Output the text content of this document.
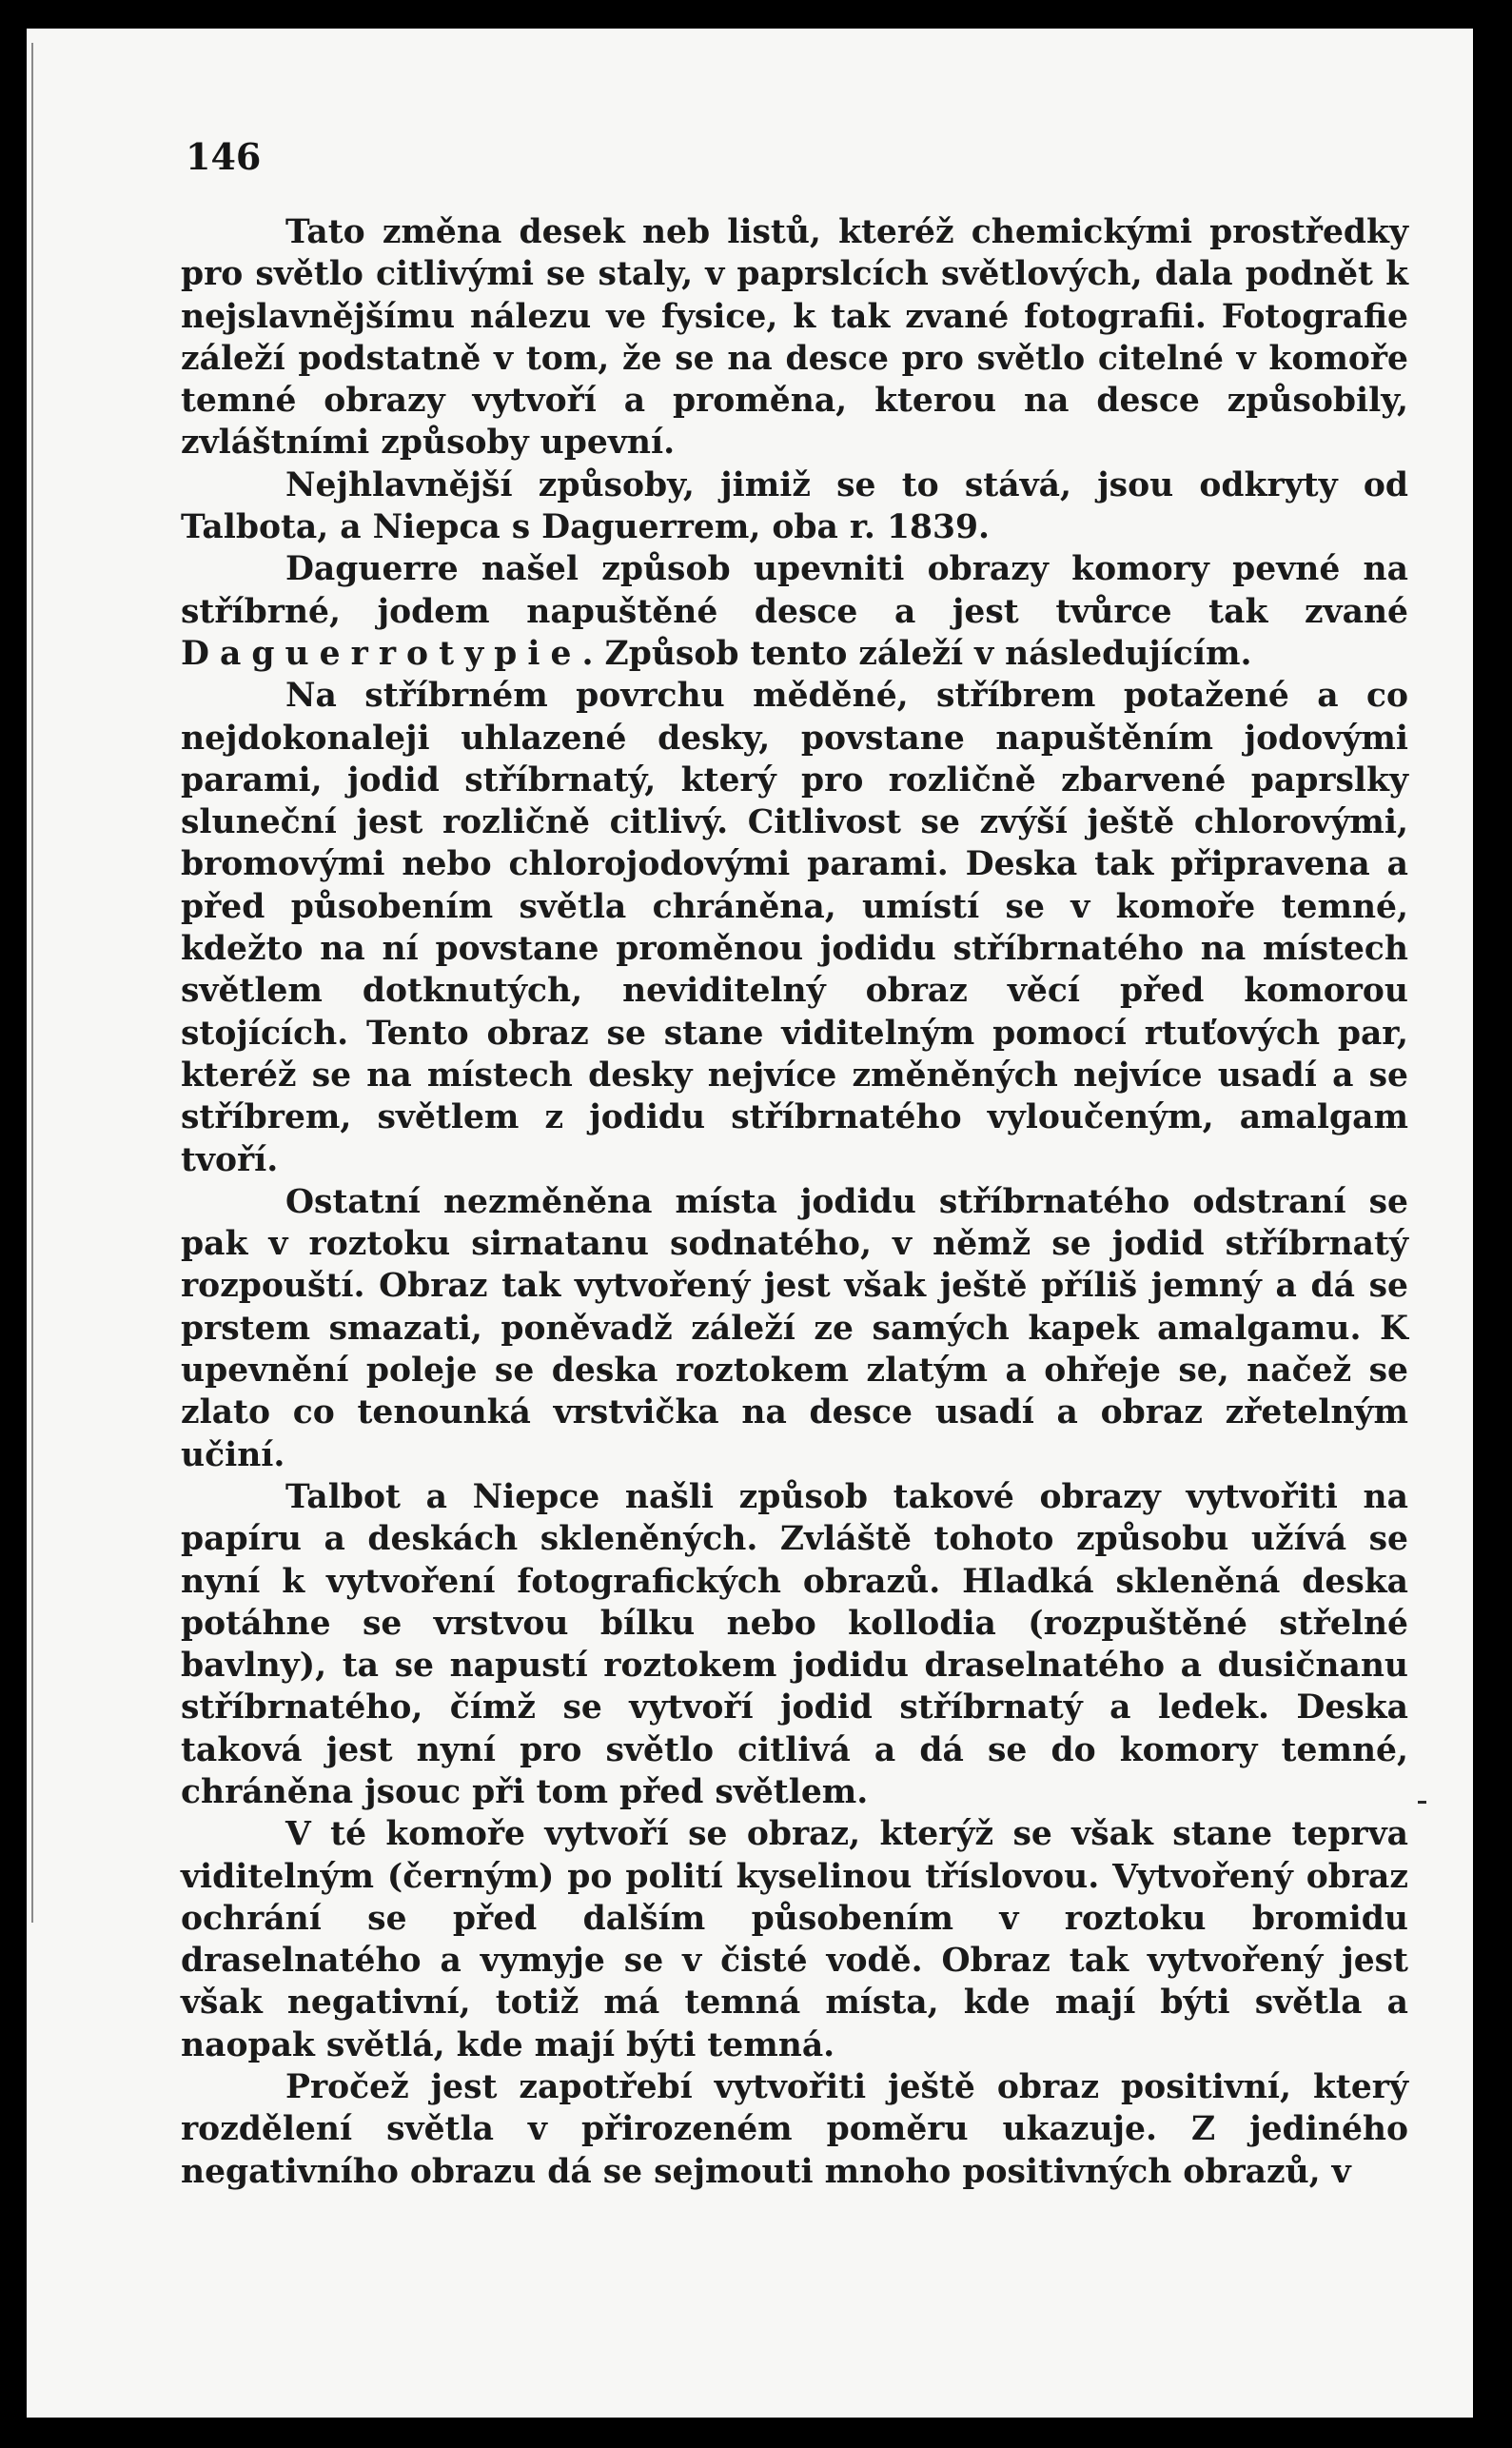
146

Tato změna desek neb listů, kteréž chemickými prostředky pro světlo citlivými se staly, v paprslcích světlových, dala podnět k nejslavnějšímu nálezu ve fysice, k tak zvané fotografii. Fotografie záleží podstatně v tom, že se na desce pro světlo citelné v komoře temné obrazy vytvoří a proměna, kterou na desce způsobily, zvláštními způsoby upevní.

Nejhlavnější způsoby, jimiž se to stává, jsou odkryty od Talbota, a Niepca s Daguerrem, oba r. 1839.

Daguerre našel způsob upevniti obrazy komory pevné na stříbrné, jodem napuštěné desce a jest tvůrce tak zvané Daguerrotypie. Způsob tento záleží v následujícím.

Na stříbrném povrchu měděné, stříbrem potažené a co nejdokonaleji uhlazené desky, povstane napuštěním jodovými parami, jodid stříbrnatý, který pro rozličně zbarvené paprslky sluneční jest rozličně citlivý. Citlivost se zvýší ještě chlorovými, bromovými nebo chlorojodovými parami. Deska tak připravena a před působením světla chráněna, umístí se v komoře temné, kdežto na ní povstane proměnou jodidu stříbrnatého na místech světlem dotknutých, neviditelný obraz věcí před komorou stojících. Tento obraz se stane viditelným pomocí rtuťových par, kteréž se na místech desky nejvíce změněných nejvíce usadí a se stříbrem, světlem z jodidu stříbrnatého vyloučeným, amalgam tvoří.

Ostatní nezměněna místa jodidu stříbrnatého odstraní se pak v roztoku sirnatanu sodnatého, v němž se jodid stříbrnatý rozpouští. Obraz tak vytvořený jest však ještě příliš jemný a dá se prstem smazati, poněvadž záleží ze samých kapek amalgamu. K upevnění poleje se deska roztokem zlatým a ohřeje se, načež se zlato co tenounká vrstvička na desce usadí a obraz zřetelným učiní.

Talbot a Niepce našli způsob takové obrazy vytvořiti na papíru a deskách skleněných. Zvláště tohoto způsobu užívá se nyní k vytvoření fotografických obrazů. Hladká skleněná deska potáhne se vrstvou bílku nebo kollodia (rozpuštěné střelné bavlny), ta se napustí roztokem jodidu draselnatého a dusičnanu stříbrnatého, čímž se vytvoří jodid stříbrnatý a ledek. Deska taková jest nyní pro světlo citlivá a dá se do komory temné, chráněna jsouc při tom před světlem.

V té komoře vytvoří se obraz, kterýž se však stane teprva viditelným (černým) po polití kyselinou tříslovou. Vytvořený obraz ochrání se před dalším působením v roztoku bromidu draselnatého a vymyje se v čisté vodě. Obraz tak vytvořený jest však negativní, totiž má temná místa, kde mají býti světla a naopak světlá, kde mají býti temná.

Pročež jest zapotřebí vytvořiti ještě obraz positivní, který rozdělení světla v přirozeném poměru ukazuje. Z jediného negativního obrazu dá se sejmouti mnoho positivných obrazů, v
